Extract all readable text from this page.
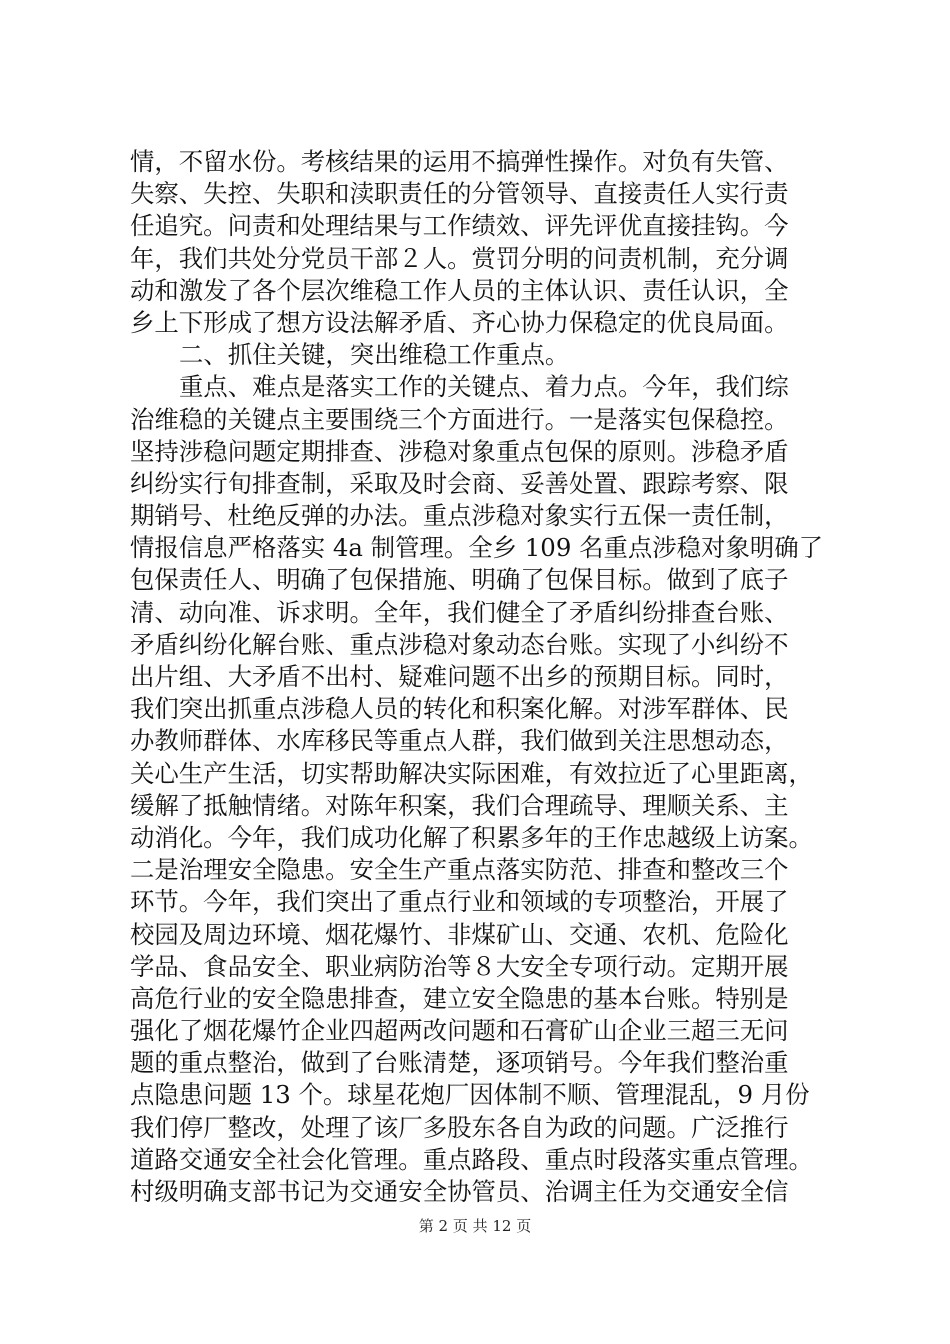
情，不留水份。考核结果的运用不搞弹性操作。对负有失管、
失察、失控、失职和渎职责任的分管领导、直接责任人实行责
任追究。问责和处理结果与工作绩效、评先评优直接挂钩。今
年，我们共处分党员干部２人。赏罚分明的问责机制，充分调
动和激发了各个层次维稳工作人员的主体认识、责任认识，全
乡上下形成了想方设法解矛盾、齐心协力保稳定的优良局面。
二、抓住关键，突出维稳工作重点。
重点、难点是落实工作的关键点、着力点。今年，我们综
治维稳的关键点主要围绕三个方面进行。一是落实包保稳控。
坚持涉稳问题定期排查、涉稳对象重点包保的原则。涉稳矛盾
纠纷实行旬排查制，采取及时会商、妥善处置、跟踪考察、限
期销号、杜绝反弹的办法。重点涉稳对象实行五保一责任制，
情报信息严格落实 4a 制管理。全乡 109 名重点涉稳对象明确了
包保责任人、明确了包保措施、明确了包保目标。做到了底子
清、动向准、诉求明。全年，我们健全了矛盾纠纷排查台账、
矛盾纠纷化解台账、重点涉稳对象动态台账。实现了小纠纷不
出片组、大矛盾不出村、疑难问题不出乡的预期目标。同时，
我们突出抓重点涉稳人员的转化和积案化解。对涉军群体、民
办教师群体、水库移民等重点人群，我们做到关注思想动态，
关心生产生活，切实帮助解决实际困难，有效拉近了心里距离，
缓解了抵触情绪。对陈年积案，我们合理疏导、理顺关系、主
动消化。今年，我们成功化解了积累多年的王作忠越级上访案。
二是治理安全隐患。安全生产重点落实防范、排查和整改三个
环节。今年，我们突出了重点行业和领域的专项整治，开展了
校园及周边环境、烟花爆竹、非煤矿山、交通、农机、危险化
学品、食品安全、职业病防治等８大安全专项行动。定期开展
高危行业的安全隐患排查，建立安全隐患的基本台账。特别是
强化了烟花爆竹企业四超两改问题和石膏矿山企业三超三无问
题的重点整治，做到了台账清楚，逐项销号。今年我们整治重
点隐患问题 13 个。球星花炮厂因体制不顺、管理混乱，9 月份
我们停厂整改，处理了该厂多股东各自为政的问题。广泛推行
道路交通安全社会化管理。重点路段、重点时段落实重点管理。
村级明确支部书记为交通安全协管员、治调主任为交通安全信
第 2 页 共 12 页
